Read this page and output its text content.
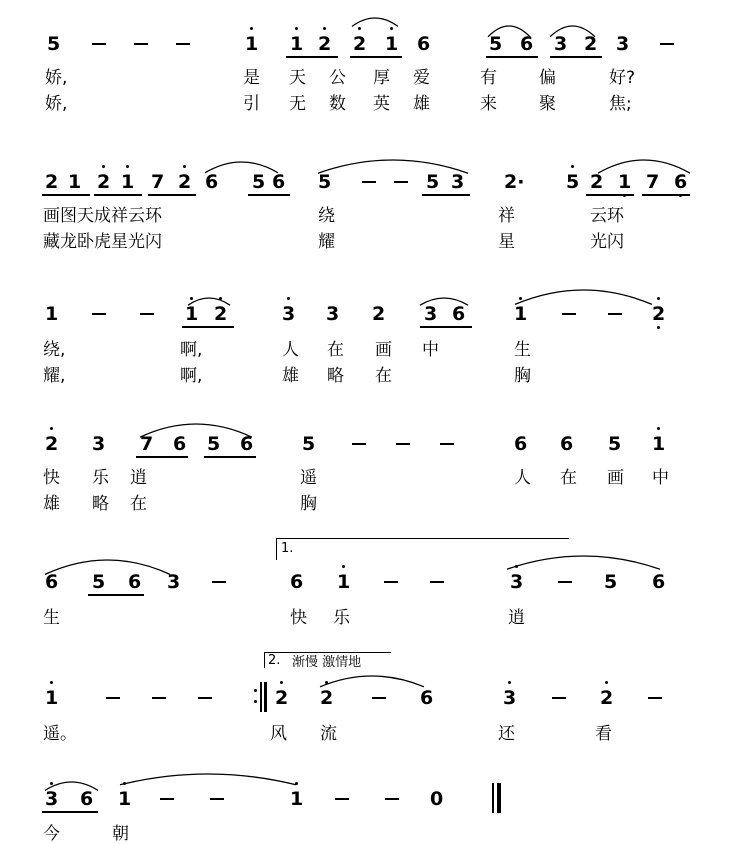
5	1 1 2 2 1 6	5 6 3 2 3
娇,	是 天 公 厚 爱	有 偏	好?
娇,	引 无 数 英 雄	来 聚	焦;
2 1 2 1 7 2 6 5 6 5	5 3 2· 5 2 1 7 6
画图天成祥云环	绕	祥	云环
藏龙卧虎星光闪	耀	星	光闪
1	1 2	3 3 2 3 6	1	2
绕,	啊,	人 在 画 中	生
耀,	啊,	雄 略 在	胸
2 3 7 6 5 6	5	6 6 5 1
快 乐 逍	遥	人 在 画 中
雄 略 在	胸
6 5 6 3	6 1	3	5 6
生	快 乐	逍
1.
1	2 2	6	3	2
遥。	风 流	还	看
2. 渐慢 激情地
3 6 1	1	0
今	朝
